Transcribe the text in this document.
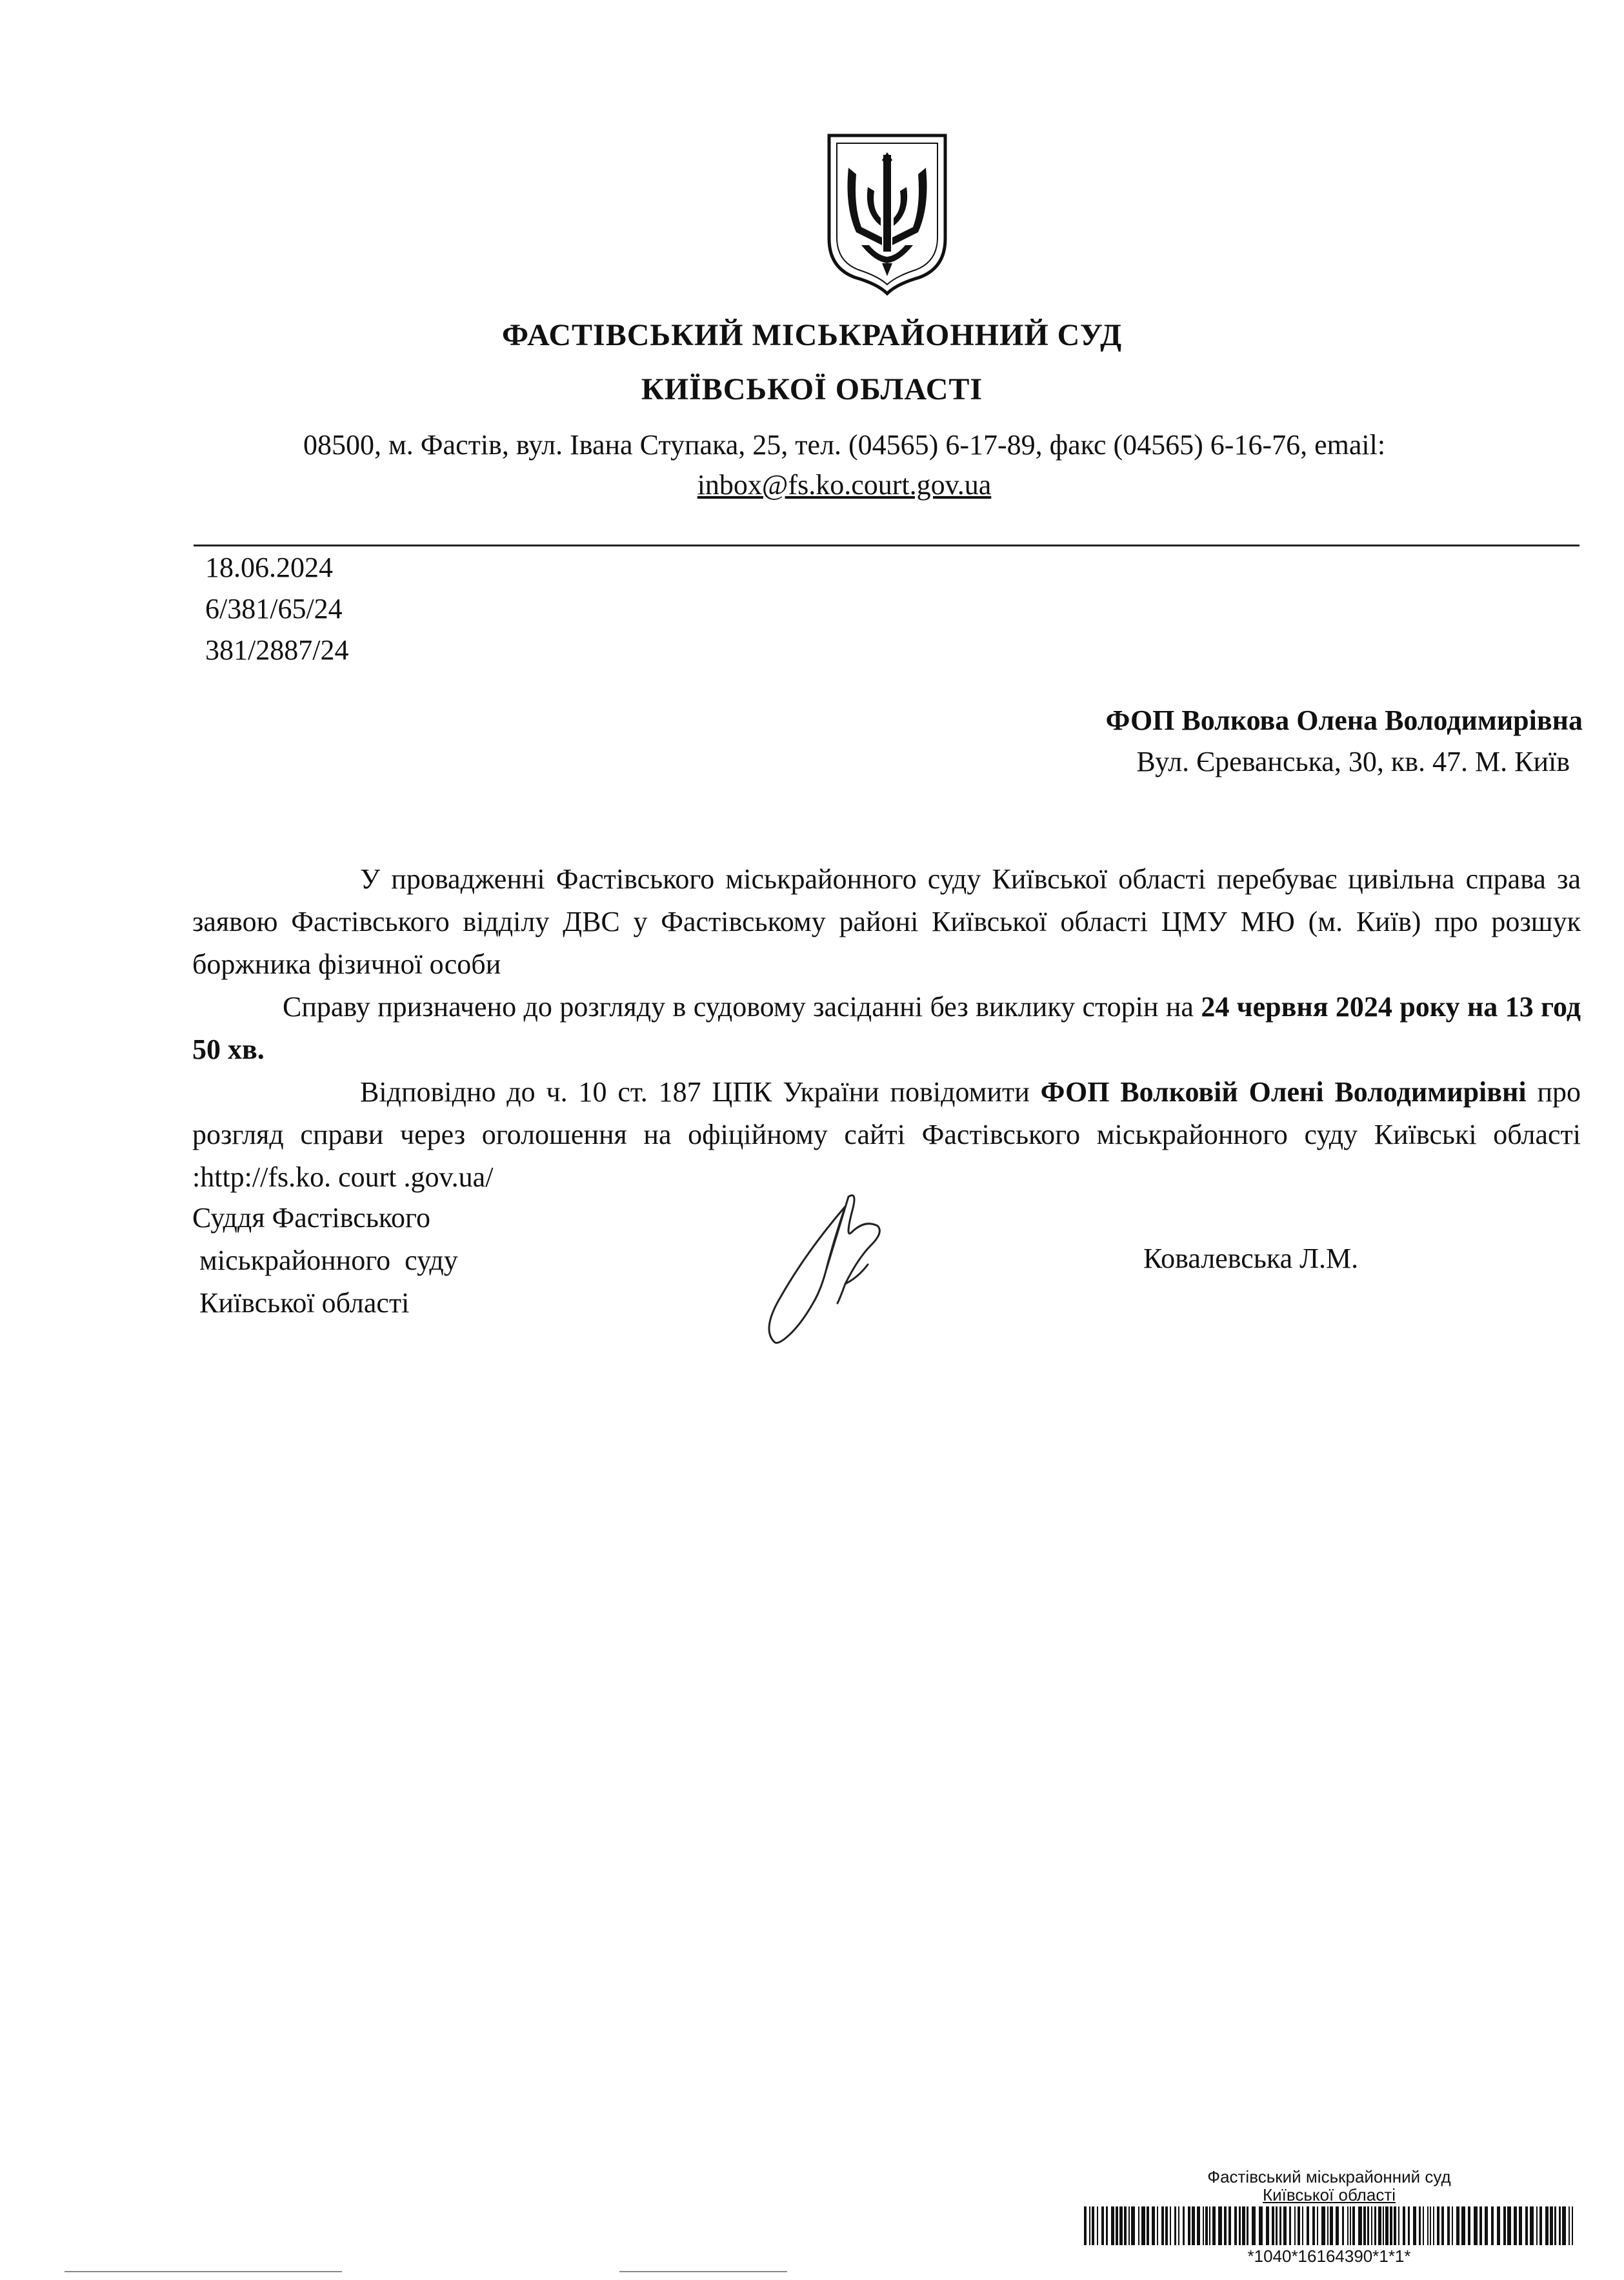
ФАСТІВСЬКИЙ МІСЬКРАЙОННИЙ СУД
КИЇВСЬКОЇ ОБЛАСТІ
08500, м. Фастів, вул. Івана Ступака, 25, тел. (04565) 6-17-89, факс (04565) 6-16-76, email:
inbox@fs.ko.court.gov.ua
18.06.2024
6/381/65/24
381/2887/24
ФОП Волкова Олена Володимирівна
Вул. Єреванська, 30, кв. 47. М. Київ

У провадженні Фастівського міськрайонного суду Київської області перебуває цивільна справа за заявою Фастівського відділу ДВС у Фастівському районі Київської області ЦМУ МЮ (м. Київ) про розшук боржника фізичної особи

Справу призначено до розгляду в судовому засіданні без виклику сторін на 24 червня 2024 року на 13 год 50 хв.

Відповідно до ч. 10 ст. 187 ЦПК України повідомити ФОП Волковій Олені Володимирівні про розгляд справи через оголошення на офіційному сайті Фастівського міськрайонного суду Київські області :http://fs.ko. court .gov.ua/

Суддя Фастівського
міськрайонного  суду
Київської області
Ковалевська Л.М.
Фастівський міськрайонний суд
Київської області
*1040*16164390*1*1*
